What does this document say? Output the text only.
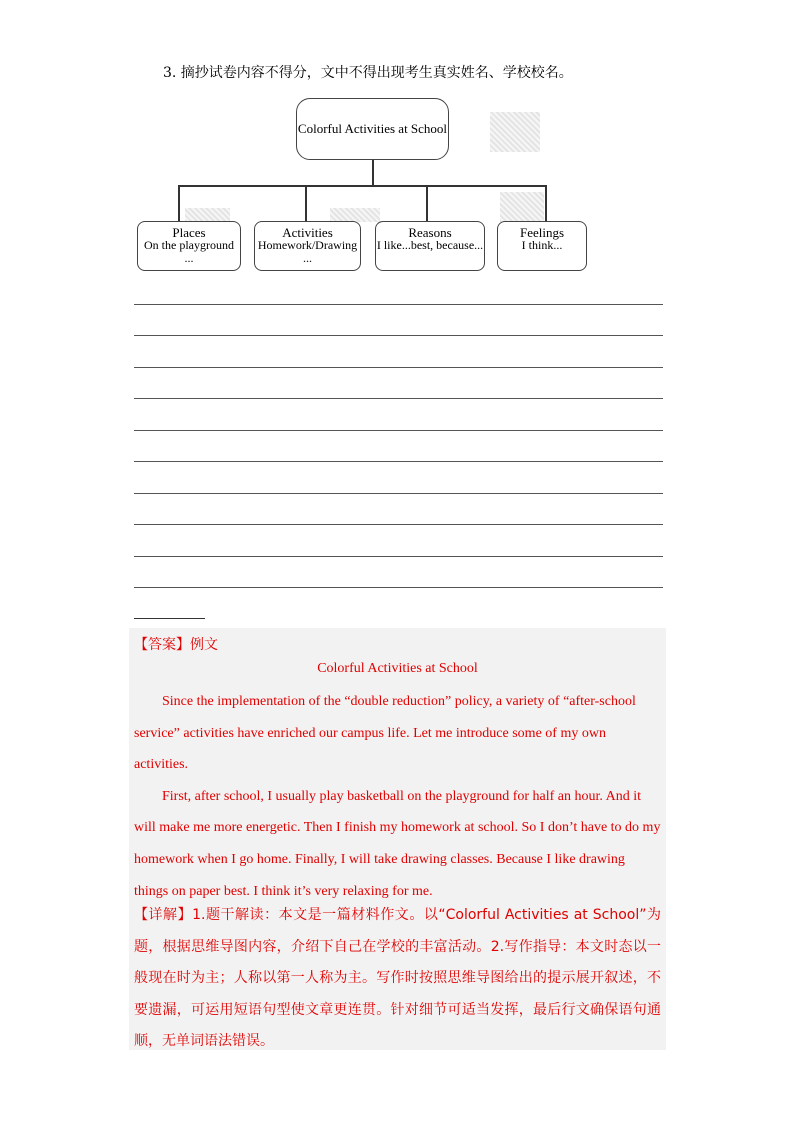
3. 摘抄试卷内容不得分，文中不得出现考生真实姓名、学校校名。
Colorful Activities at School
Places
On the playground
...
Activities
Homework/Drawing
...
Reasons
I like...best, because...
Feelings
I think...
【答案】例文
Colorful Activities at School

Since the implementation of the “double reduction” policy, a variety of “after-school service” activities have enriched our campus life. Let me introduce some of my own activities.

First, after school, I usually play basketball on the playground for half an hour. And it will make me more energetic. Then I finish my homework at school. So I don’t have to do my homework when I go home. Finally, I will take drawing classes. Because I like drawing things on paper best. I think it’s very relaxing for me.

【详解】1.题干解读：本文是一篇材料作文。以“Colorful Activities at School”为题，根据思维导图内容，介绍下自己在学校的丰富活动。2.写作指导：本文时态以一般现在时为主；人称以第一人称为主。写作时按照思维导图给出的提示展开叙述，不要遗漏，可运用短语句型使文章更连贯。针对细节可适当发挥，最后行文确保语句通顺，无单词语法错误。
